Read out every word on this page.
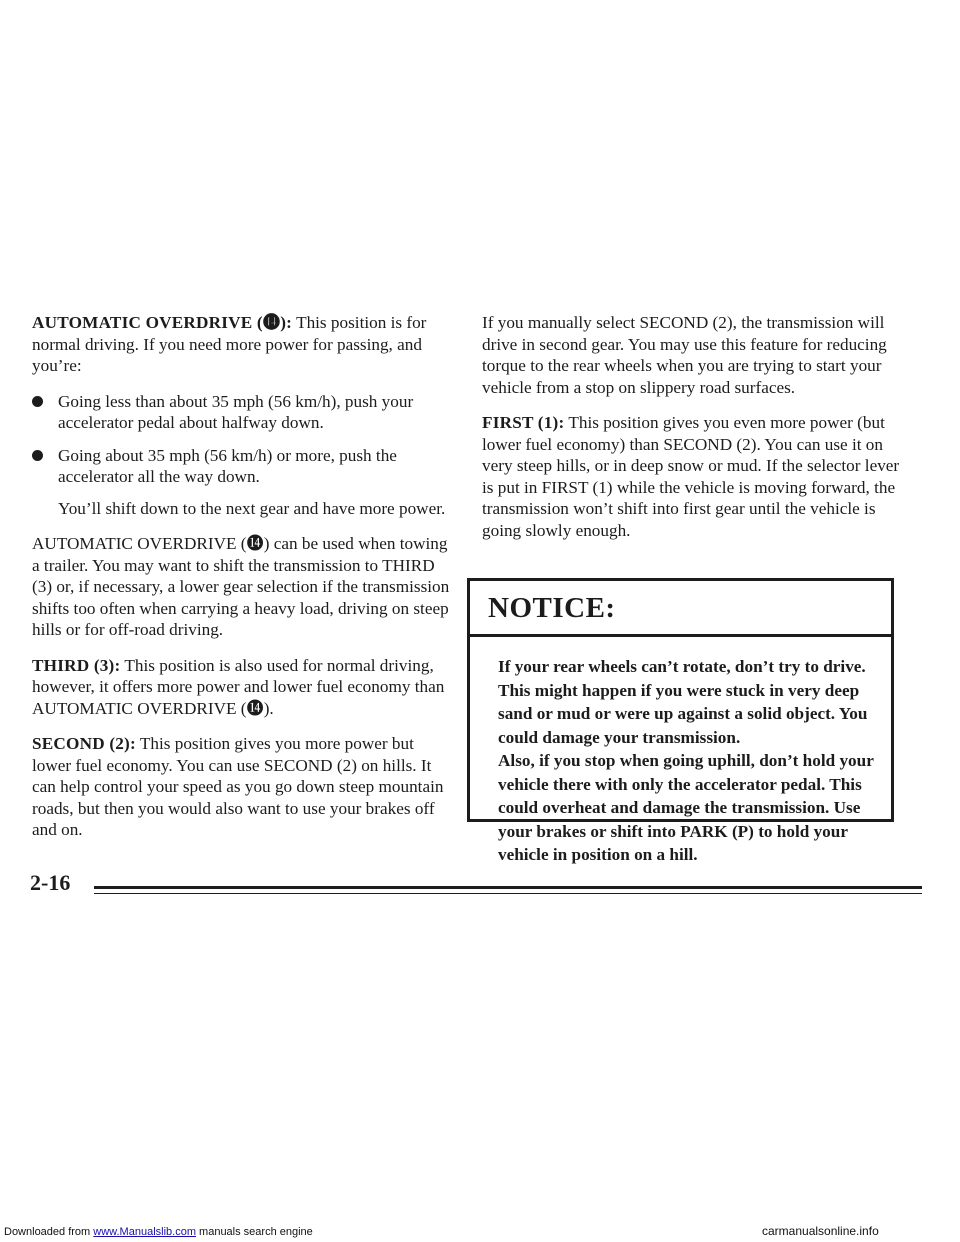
AUTOMATIC OVERDRIVE (⓮): This position is for normal driving. If you need more power for passing, and you’re:

Going less than about 35 mph (56 km/h), push your accelerator pedal about halfway down.
Going about 35 mph (56 km/h) or more, push the accelerator all the way down.

You’ll shift down to the next gear and have more power.

AUTOMATIC OVERDRIVE (⓮) can be used when towing a trailer. You may want to shift the transmission to THIRD (3) or, if necessary, a lower gear selection if the transmission shifts too often when carrying a heavy load, driving on steep hills or for off-road driving.

THIRD (3): This position is also used for normal driving, however, it offers more power and lower fuel economy than AUTOMATIC OVERDRIVE (⓮).

SECOND (2): This position gives you more power but lower fuel economy. You can use SECOND (2) on hills. It can help control your speed as you go down steep mountain roads, but then you would also want to use your brakes off and on.

If you manually select SECOND (2), the transmission will drive in second gear. You may use this feature for reducing torque to the rear wheels when you are trying to start your vehicle from a stop on slippery road surfaces.

FIRST (1): This position gives you even more power (but lower fuel economy) than SECOND (2). You can use it on very steep hills, or in deep snow or mud. If the selector lever is put in FIRST (1) while the vehicle is moving forward, the transmission won’t shift into first gear until the vehicle is going slowly enough.

NOTICE:

If your rear wheels can’t rotate, don’t try to drive. This might happen if you were stuck in very deep sand or mud or were up against a solid object. You could damage your transmission.

Also, if you stop when going uphill, don’t hold your vehicle there with only the accelerator pedal. This could overheat and damage the transmission. Use your brakes or shift into PARK (P) to hold your vehicle in position on a hill.

2-16
Downloaded from www.Manualslib.com manuals search engine	carmanualsonline.info
